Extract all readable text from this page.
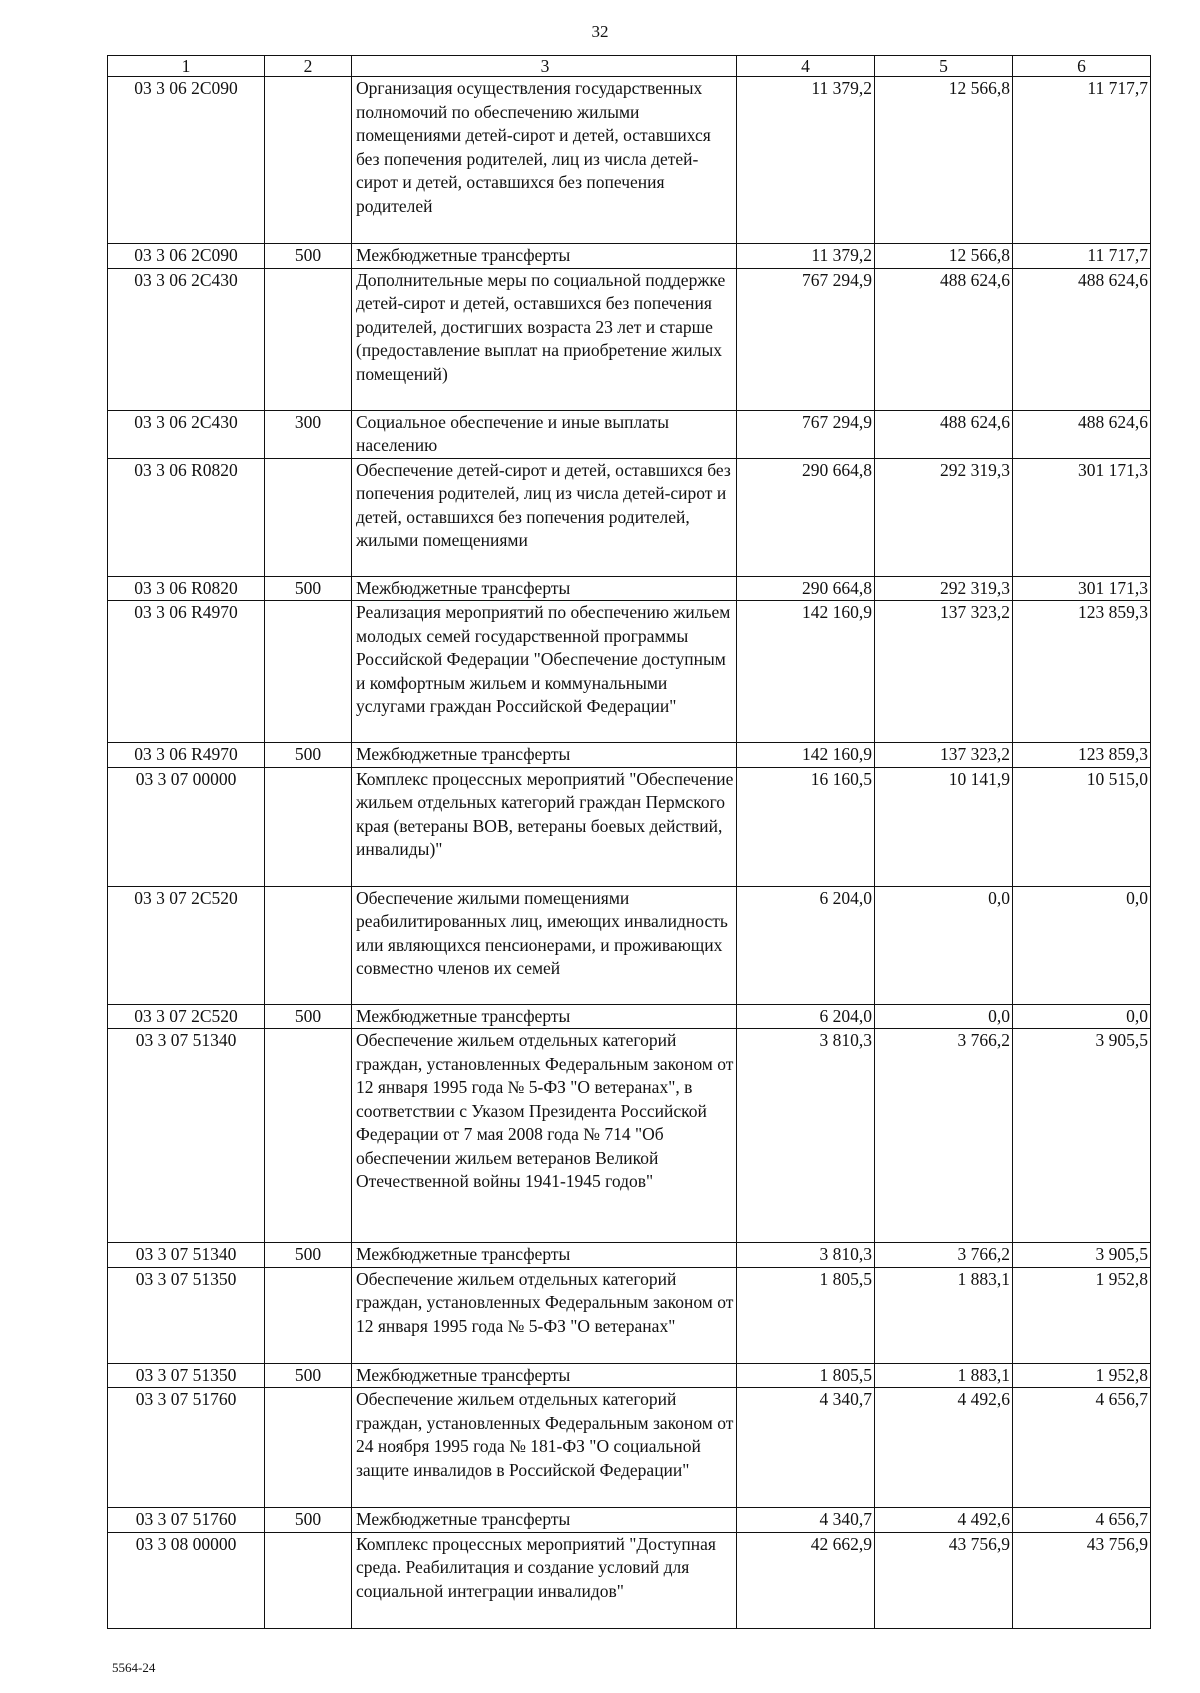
32
1	2	3	4	5	6
03 3 06 2С090		Организация осуществления государственных полномочий по обеспечению жилыми помещениями детей-сирот и детей, оставшихся без попечения родителей, лиц из числа детей-сирот и детей, оставшихся без попечения родителей	11 379,2	12 566,8	11 717,7
03 3 06 2С090	500	Межбюджетные трансферты	11 379,2	12 566,8	11 717,7
03 3 06 2С430		Дополнительные меры по социальной поддержке детей-сирот и детей, оставшихся без попечения родителей, достигших возраста 23 лет и старше (предоставление выплат на приобретение жилых помещений)	767 294,9	488 624,6	488 624,6
03 3 06 2С430	300	Социальное обеспечение и иные выплаты населению	767 294,9	488 624,6	488 624,6
03 3 06 R0820		Обеспечение детей-сирот и детей, оставшихся без попечения родителей, лиц из числа детей-сирот и детей, оставшихся без попечения родителей, жилыми помещениями	290 664,8	292 319,3	301 171,3
03 3 06 R0820	500	Межбюджетные трансферты	290 664,8	292 319,3	301 171,3
03 3 06 R4970		Реализация мероприятий по обеспечению жильем молодых семей государственной программы Российской Федерации "Обеспечение доступным и комфортным жильем и коммунальными услугами граждан Российской Федерации"	142 160,9	137 323,2	123 859,3
03 3 06 R4970	500	Межбюджетные трансферты	142 160,9	137 323,2	123 859,3
03 3 07 00000		Комплекс процессных мероприятий "Обеспечение жильем отдельных категорий граждан Пермского края (ветераны ВОВ, ветераны боевых действий, инвалиды)"	16 160,5	10 141,9	10 515,0
03 3 07 2С520		Обеспечение жилыми помещениями реабилитированных лиц, имеющих инвалидность или являющихся пенсионерами, и проживающих совместно членов их семей	6 204,0	0,0	0,0
03 3 07 2С520	500	Межбюджетные трансферты	6 204,0	0,0	0,0
03 3 07 51340		Обеспечение жильем отдельных категорий граждан, установленных Федеральным законом от 12 января 1995 года № 5-ФЗ "О ветеранах", в соответствии с Указом Президента Российской Федерации от 7 мая 2008 года № 714 "Об обеспечении жильем ветеранов Великой Отечественной войны 1941-1945 годов"	3 810,3	3 766,2	3 905,5
03 3 07 51340	500	Межбюджетные трансферты	3 810,3	3 766,2	3 905,5
03 3 07 51350		Обеспечение жильем отдельных категорий граждан, установленных Федеральным законом от 12 января 1995 года № 5-ФЗ "О ветеранах"	1 805,5	1 883,1	1 952,8
03 3 07 51350	500	Межбюджетные трансферты	1 805,5	1 883,1	1 952,8
03 3 07 51760		Обеспечение жильем отдельных категорий граждан, установленных Федеральным законом от 24 ноября 1995 года № 181-ФЗ "О социальной защите инвалидов в Российской Федерации"	4 340,7	4 492,6	4 656,7
03 3 07 51760	500	Межбюджетные трансферты	4 340,7	4 492,6	4 656,7
03 3 08 00000		Комплекс процессных мероприятий "Доступная среда. Реабилитация и создание условий для социальной интеграции инвалидов"	42 662,9	43 756,9	43 756,9
5564-24
